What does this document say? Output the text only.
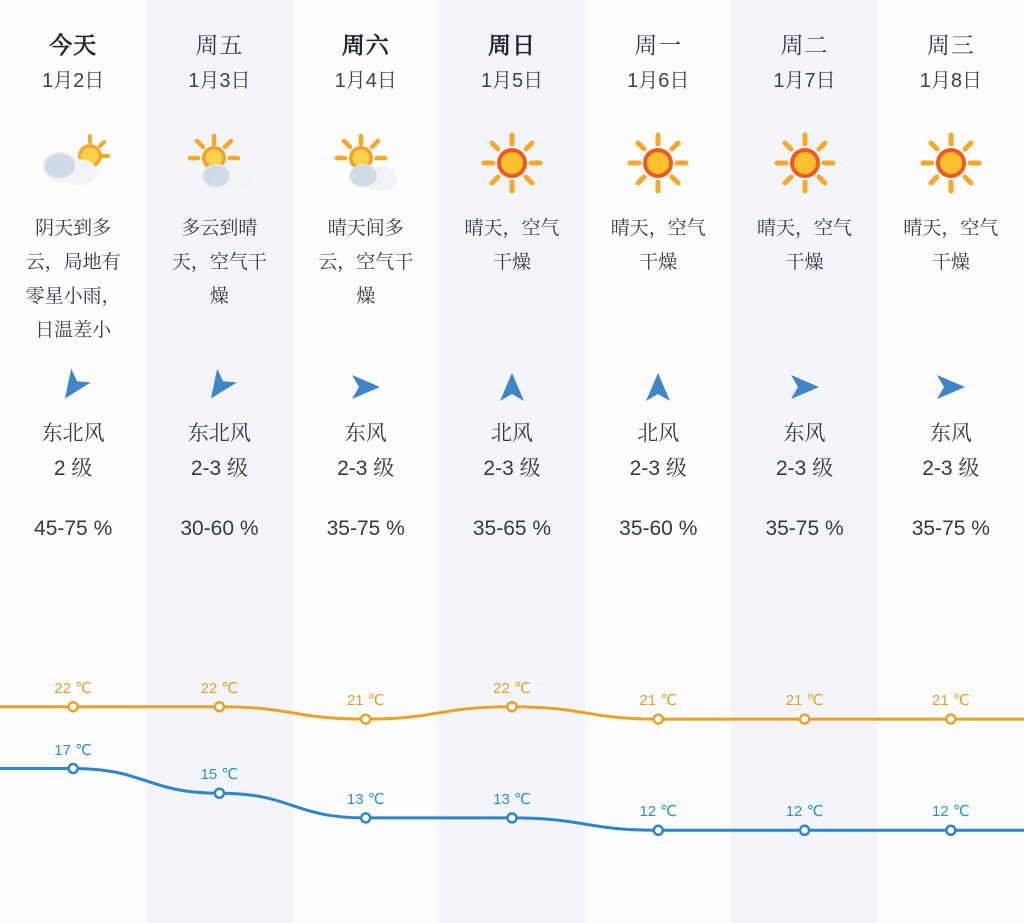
今天
1月2日
阴天到多云，局地有零星小雨，日温差小
东北风
2 级
45-75 %
周五
1月3日
多云到晴天，空气干燥
东北风
2-3 级
30-60 %
周六
1月4日
晴天间多云，空气干燥
东风
2-3 级
35-75 %
周日
1月5日
晴天，空气干燥
北风
2-3 级
35-65 %
周一
1月6日
晴天，空气干燥
北风
2-3 级
35-60 %
周二
1月7日
晴天，空气干燥
东风
2-3 级
35-75 %
周三
1月8日
晴天，空气干燥
东风
2-3 级
35-75 %
22 ℃	22 ℃
21 ℃
22 ℃
21 ℃	21 ℃	21 ℃
17 ℃
15 ℃
13 ℃	13 ℃
12 ℃	12 ℃	12 ℃
